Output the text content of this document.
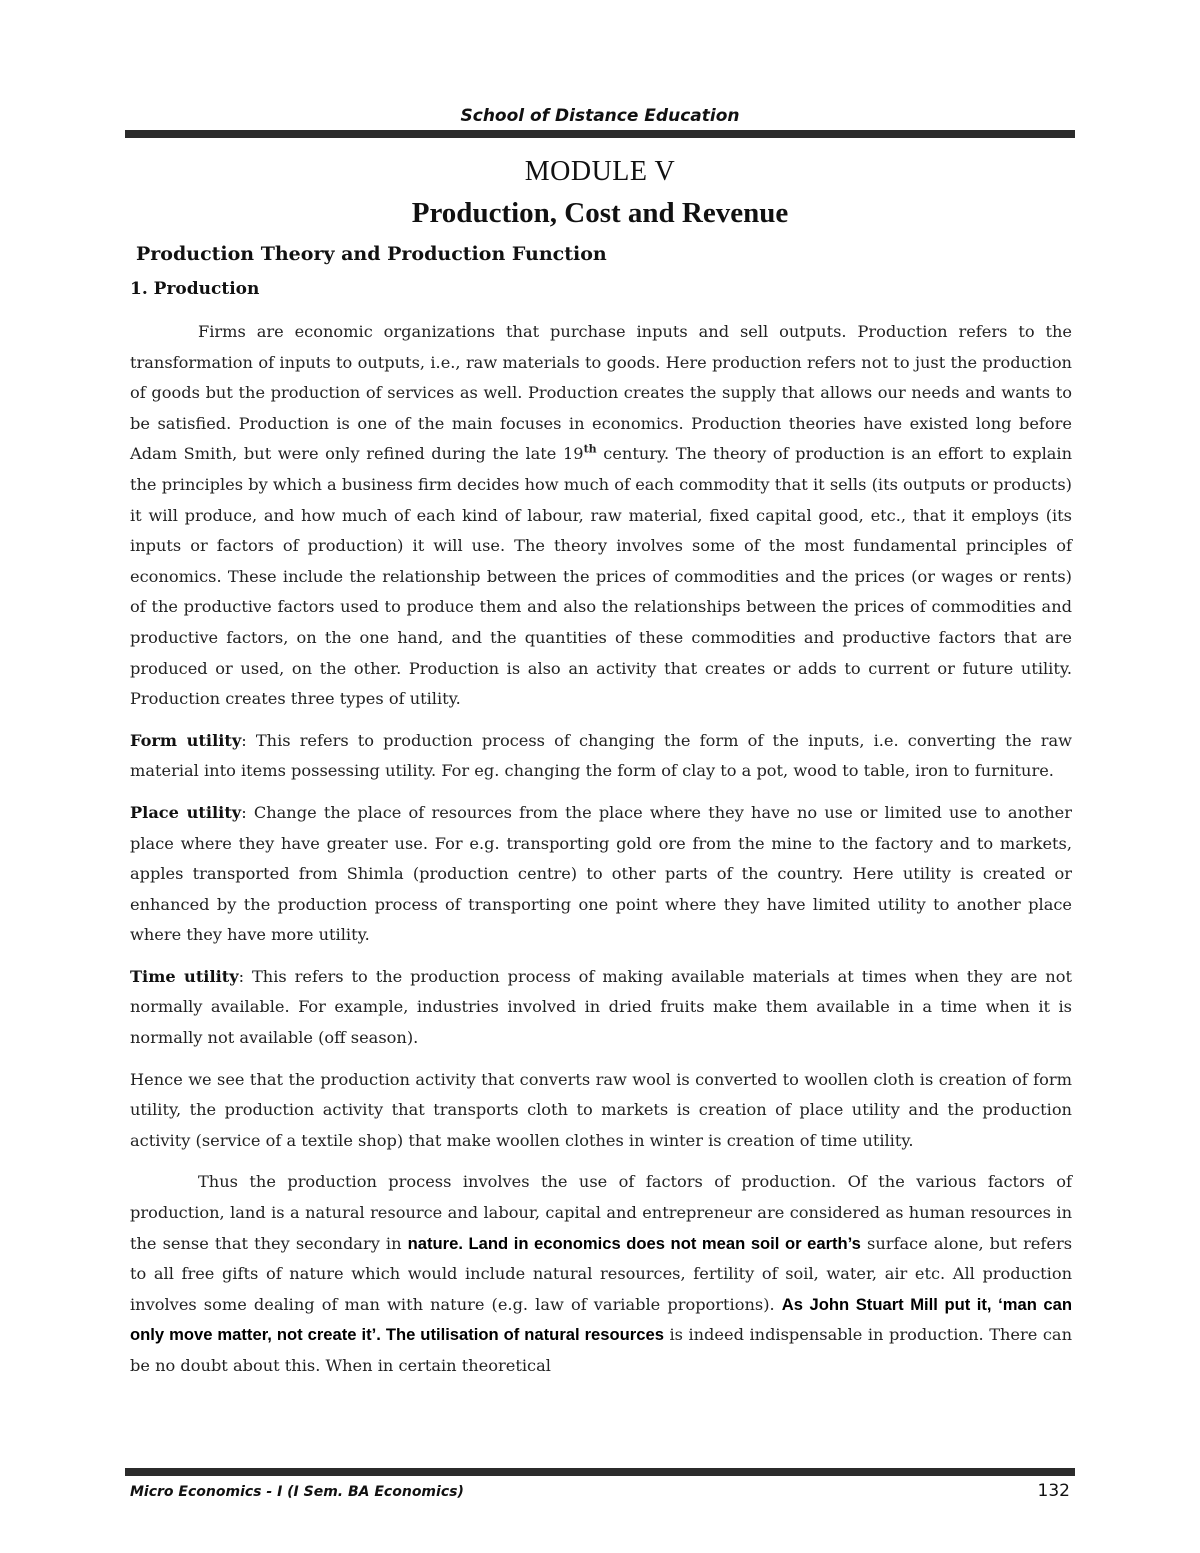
School of Distance Education
MODULE V
Production, Cost and Revenue
Production Theory and Production Function
1. Production

Firms are economic organizations that purchase inputs and sell outputs. Production refers to the transformation of inputs to outputs, i.e., raw materials to goods. Here production refers not to just the production of goods but the production of services as well. Production creates the supply that allows our needs and wants to be satisfied. Production is one of the main focuses in economics. Production theories have existed long before Adam Smith, but were only refined during the late 19th century. The theory of production is an effort to explain the principles by which a business firm decides how much of each commodity that it sells (its outputs or products) it will produce, and how much of each kind of labour, raw material, fixed capital good, etc., that it employs (its inputs or factors of production) it will use. The theory involves some of the most fundamental principles of economics. These include the relationship between the prices of commodities and the prices (or wages or rents) of the productive factors used to produce them and also the relationships between the prices of commodities and productive factors, on the one hand, and the quantities of these commodities and productive factors that are produced or used, on the other. Production is also an activity that creates or adds to current or future utility. Production creates three types of utility.

Form utility: This refers to production process of changing the form of the inputs, i.e. converting the raw material into items possessing utility. For eg. changing the form of clay to a pot, wood to table, iron to furniture.

Place utility: Change the place of resources from the place where they have no use or limited use to another place where they have greater use. For e.g. transporting gold ore from the mine to the factory and to markets, apples transported from Shimla (production centre) to other parts of the country. Here utility is created or enhanced by the production process of transporting one point where they have limited utility to another place where they have more utility.

Time utility: This refers to the production process of making available materials at times when they are not normally available. For example, industries involved in dried fruits make them available in a time when it is normally not available (off season).

Hence we see that the production activity that converts raw wool is converted to woollen cloth is creation of form utility, the production activity that transports cloth to markets is creation of place utility and the production activity (service of a textile shop) that make woollen clothes in winter is creation of time utility.

Thus the production process involves the use of factors of production. Of the various factors of production, land is a natural resource and labour, capital and entrepreneur are considered as human resources in the sense that they secondary in nature. Land in economics does not mean soil or earth’s surface alone, but refers to all free gifts of nature which would include natural resources, fertility of soil, water, air etc. All production involves some dealing of man with nature (e.g. law of variable proportions). As John Stuart Mill put it, ‘man can only move matter, not create it’. The utilisation of natural resources is indeed indispensable in production. There can be no doubt about this. When in certain theoretical

Micro Economics - I (I Sem. BA Economics)	132
